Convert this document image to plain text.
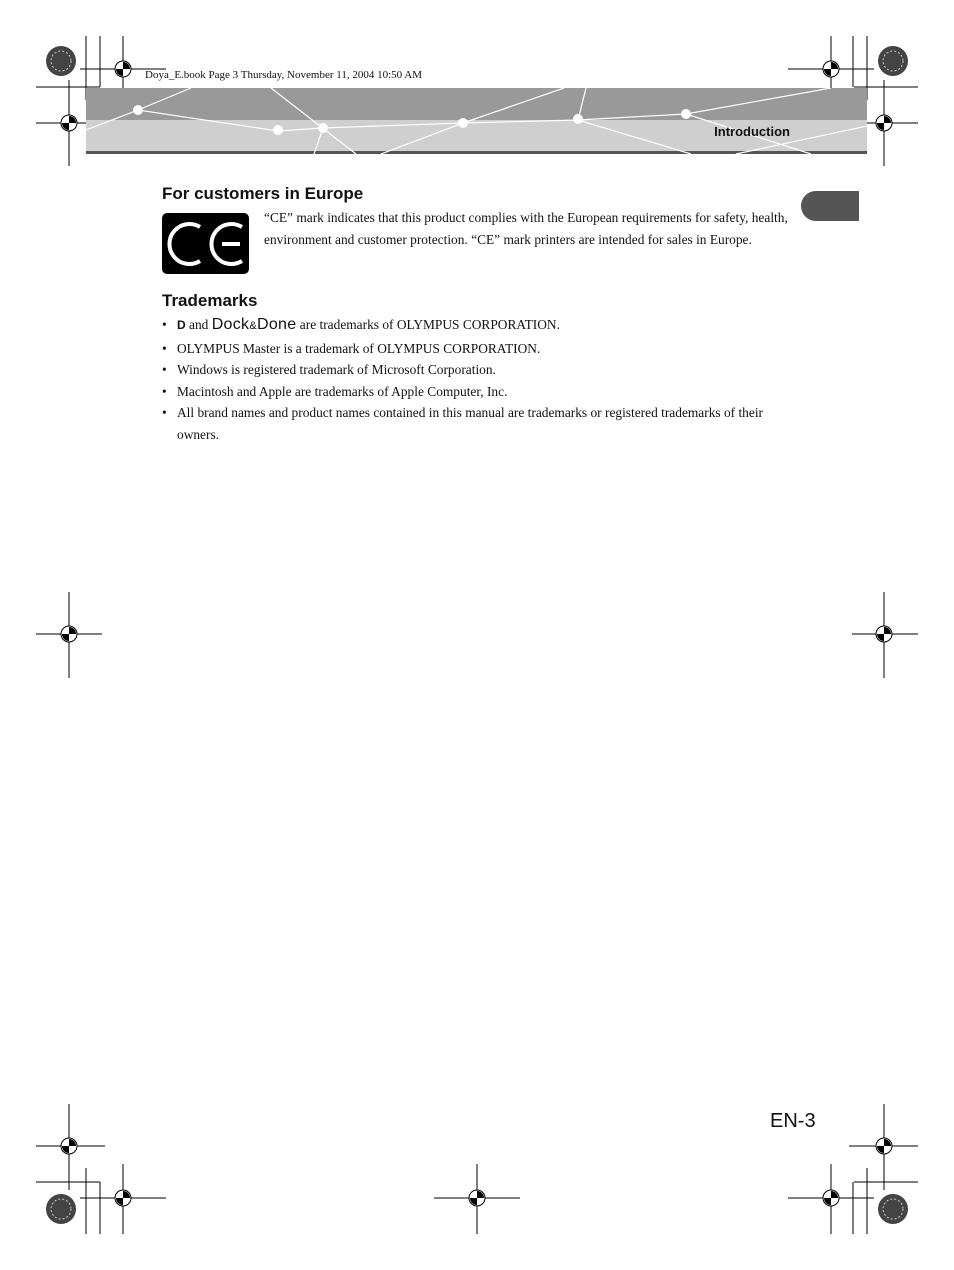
Doya_E.book Page 3 Thursday, November 11, 2004 10:50 AM
Introduction
For customers in Europe

“CE” mark indicates that this product complies with the European requirements for safety, health, environment and customer protection. “CE” mark printers are intended for sales in Europe.

Trademarks
• D and Dock&Done are trademarks of OLYMPUS CORPORATION.
• OLYMPUS Master is a trademark of OLYMPUS CORPORATION.
• Windows is registered trademark of Microsoft Corporation.
• Macintosh and Apple are trademarks of Apple Computer, Inc.
• All brand names and product names contained in this manual are trademarks or registered trademarks of their owners.
EN-3
